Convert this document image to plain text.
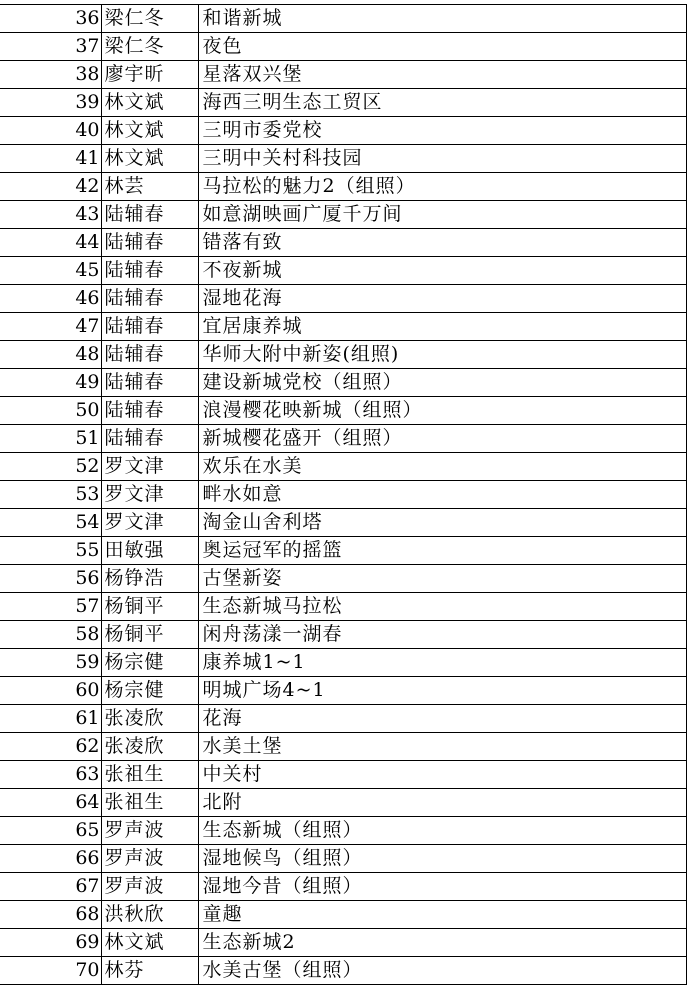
	36	梁仁冬	和谐新城
	37	梁仁冬	夜色
	38	廖宇昕	星落双兴堡
	39	林文斌	海西三明生态工贸区
	40	林文斌	三明市委党校
	41	林文斌	三明中关村科技园
	42	林芸	马拉松的魅力2（组照）
	43	陆辅春	如意湖映画广厦千万间
	44	陆辅春	错落有致
	45	陆辅春	不夜新城
	46	陆辅春	湿地花海
	47	陆辅春	宜居康养城
	48	陆辅春	华师大附中新姿(组照)
	49	陆辅春	建设新城党校（组照）
	50	陆辅春	浪漫樱花映新城（组照）
	51	陆辅春	新城樱花盛开（组照）
	52	罗文津	欢乐在水美
	53	罗文津	畔水如意
	54	罗文津	淘金山舍利塔
	55	田敏强	奥运冠军的摇篮
	56	杨铮浩	古堡新姿
	57	杨铜平	生态新城马拉松
	58	杨铜平	闲舟荡漾一湖春
	59	杨宗健	康养城1~1
	60	杨宗健	明城广场4~1
	61	张凌欣	花海
	62	张凌欣	水美土堡
	63	张祖生	中关村
	64	张祖生	北附
	65	罗声波	生态新城（组照）
	66	罗声波	湿地候鸟（组照）
	67	罗声波	湿地今昔（组照）
	68	洪秋欣	童趣
	69	林文斌	生态新城2
	70	林芬	水美古堡（组照）
